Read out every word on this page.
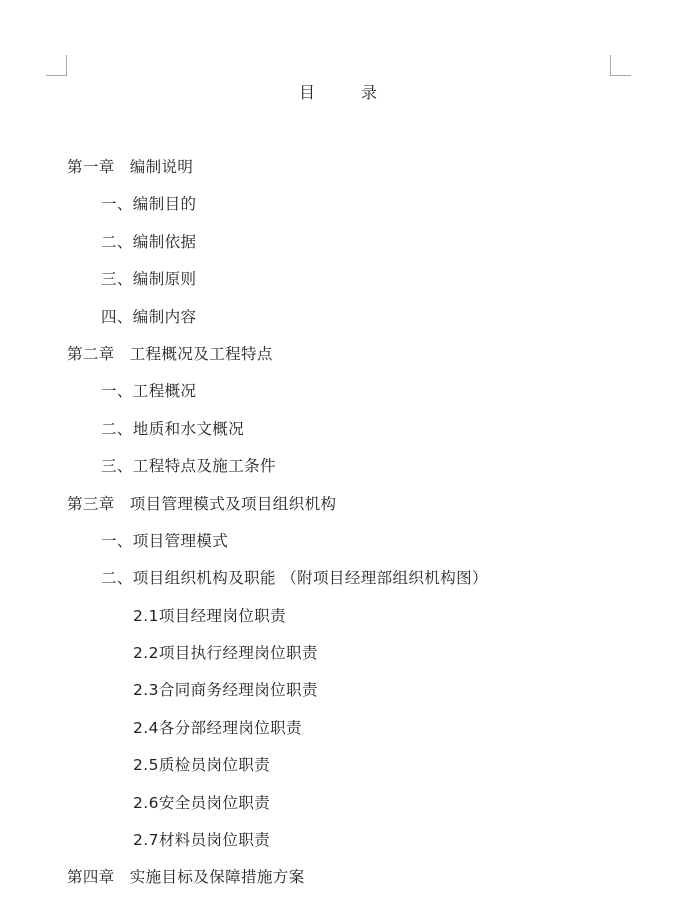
目	录
第一章 编制说明
一、编制目的
二、编制依据
三、编制原则
四、编制内容
第二章 工程概况及工程特点
一、工程概况
二、地质和水文概况
三、工程特点及施工条件
第三章 项目管理模式及项目组织机构
一、项目管理模式
二、项目组织机构及职能 （附项目经理部组织机构图）
2.1项目经理岗位职责
2.2项目执行经理岗位职责
2.3合同商务经理岗位职责
2.4各分部经理岗位职责
2.5质检员岗位职责
2.6安全员岗位职责
2.7材料员岗位职责
第四章 实施目标及保障措施方案
